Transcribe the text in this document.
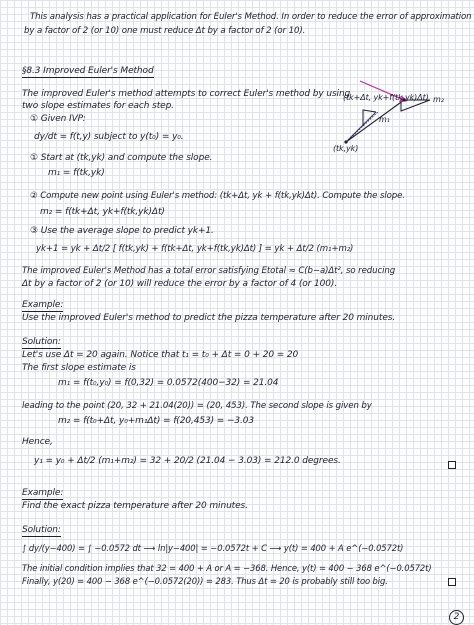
This analysis has a practical application for Euler's Method. In order to reduce the error of approximation
by a factor of 2 (or 10) one must reduce Δt by a factor of 2 (or 10).
§8.3 Improved Euler's Method
(tk+Δt, yk+f(tk,yk)Δt)
(tk,yk)
m₁
m₂
The improved Euler's method attempts to correct Euler's method by using
two slope estimates for each step.
① Given IVP:
dy/dt = f(t,y) subject to y(t₀) = y₀.
① Start at (tk,yk) and compute the slope.
m₁ = f(tk,yk)
② Compute new point using Euler's method: (tk+Δt, yk + f(tk,yk)Δt). Compute the slope.
m₂ = f(tk+Δt, yk+f(tk,yk)Δt)
③ Use the average slope to predict yk+1.
yk+1 = yk + Δt/2 [ f(tk,yk) + f(tk+Δt, yk+f(tk,yk)Δt) ] = yk + Δt/2 (m₁+m₂)
The improved Euler's Method has a total error satisfying Etotal ≈ C(b−a)Δt², so reducing
Δt by a factor of 2 (or 10) will reduce the error by a factor of 4 (or 100).
Example:
Use the improved Euler's method to predict the pizza temperature after 20 minutes.
Solution:
Let's use Δt = 20 again. Notice that t₁ = t₀ + Δt = 0 + 20 = 20
The first slope estimate is
m₁ = f(t₀,y₀) = f(0,32) = 0.0572(400−32) = 21.04
leading to the point (20, 32 + 21.04(20)) = (20, 453). The second slope is given by
m₂ = f(t₀+Δt, y₀+m₁Δt) = f(20,453) = −3.03
Hence,
y₁ = y₀ + Δt/2 (m₁+m₂) = 32 + 20/2 (21.04 − 3.03) = 212.0 degrees.
Example:
Find the exact pizza temperature after 20 minutes.
Solution:
∫ dy/(y−400) = ∫ −0.0572 dt ⟶ ln|y−400| = −0.0572t + C ⟶ y(t) = 400 + A e^(−0.0572t)
The initial condition implies that 32 = 400 + A or A = −368. Hence, y(t) = 400 − 368 e^(−0.0572t)
Finally, y(20) = 400 − 368 e^(−0.0572(20)) = 283. Thus Δt = 20 is probably still too big.
2
